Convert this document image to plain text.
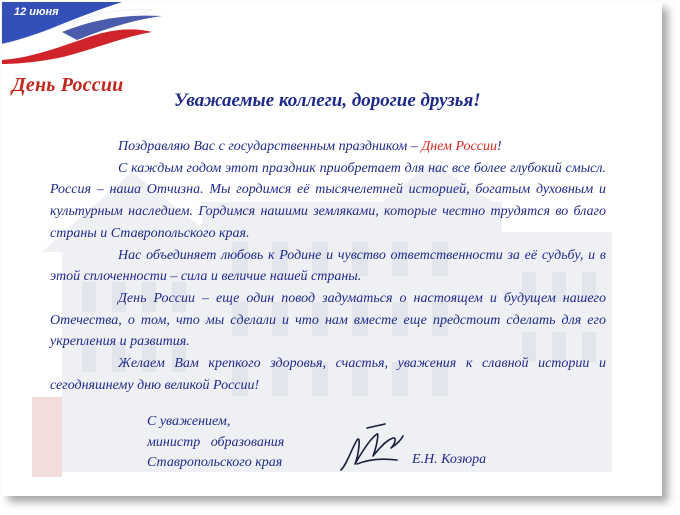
12 июня
День России
Уважаемые коллеги, дорогие друзья!

Поздравляю Вас с государственным праздником – Днем России!

С каждым годом этот праздник приобретает для нас все более глубокий смысл. Россия – наша Отчизна. Мы гордимся её тысячелетней историей, богатым духовным и культурным наследием. Гордимся нашими земляками, которые честно трудятся во благо страны и Ставропольского края.

Нас объединяет любовь к Родине и чувство ответственности за её судьбу, и в этой сплоченности – сила и величие нашей страны.

День России – еще один повод задуматься о настоящем и будущем нашего Отечества, о том, что мы сделали и что нам вместе еще предстоит сделать для его укрепления и развития.

Желаем Вам крепкого здоровья, счастья, уважения к славной истории и сегодняшнему дню великой России!

С уважением,
министр   образования
Ставропольского края	Е.Н. Козюра
